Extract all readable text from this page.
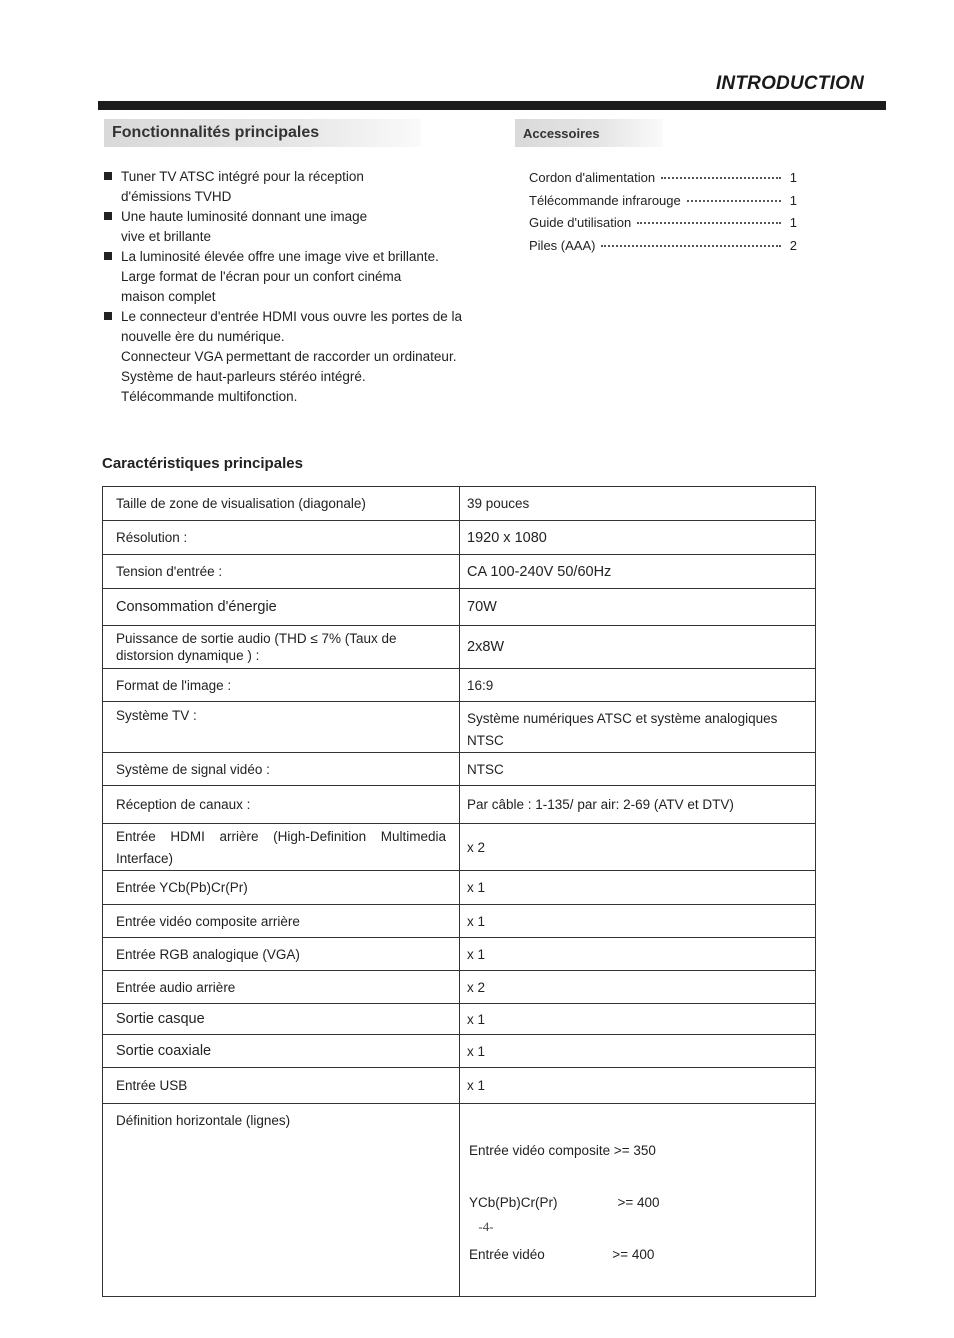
INTRODUCTION
Fonctionnalités principales	Accessoires
Tuner TV ATSC intégré pour la réception
d'émissions TVHD
Une haute luminosité donnant une image
vive et brillante
La luminosité élevée offre une image vive et brillante.
Large format de l'écran pour un confort cinéma
maison complet
Le connecteur d'entrée HDMI vous ouvre les portes de la
nouvelle ère du numérique.
Connecteur VGA permettant de raccorder un ordinateur.
Système de haut-parleurs stéréo intégré.
Télécommande multifonction.
Cordon d'alimentation	1
Télécommande infrarouge	1
Guide d'utilisation	1
Piles (AAA)	2
Caractéristiques principales
Taille de zone de visualisation (diagonale)	39 pouces
Résolution :	1920 x 1080
Tension d'entrée :	CA 100-240V 50/60Hz
Consommation d'énergie	70W
Puissance de sortie audio (THD ≤ 7% (Taux de distorsion dynamique ) :	2x8W
Format de l'image :	16:9
Système TV :	Système numériques ATSC et système analogiques NTSC
Système de signal vidéo :	NTSC
Réception de canaux :	Par câble : 1-135/ par air: 2-69 (ATV et DTV)
Entrée HDMI arrière (High-Definition Multimedia Interface)	x 2
Entrée YCb(Pb)Cr(Pr)	x 1
Entrée vidéo composite arrière	x 1
Entrée RGB analogique (VGA)	x 1
Entrée audio arrière	x 2
Sortie casque	x 1
Sortie coaxiale	x 1
Entrée USB	x 1
Définition horizontale (lignes)	Entrée vidéo composite >= 350

YCb(Pb)Cr(Pr)                >= 400

Entrée vidéo                  >= 400

-4-
